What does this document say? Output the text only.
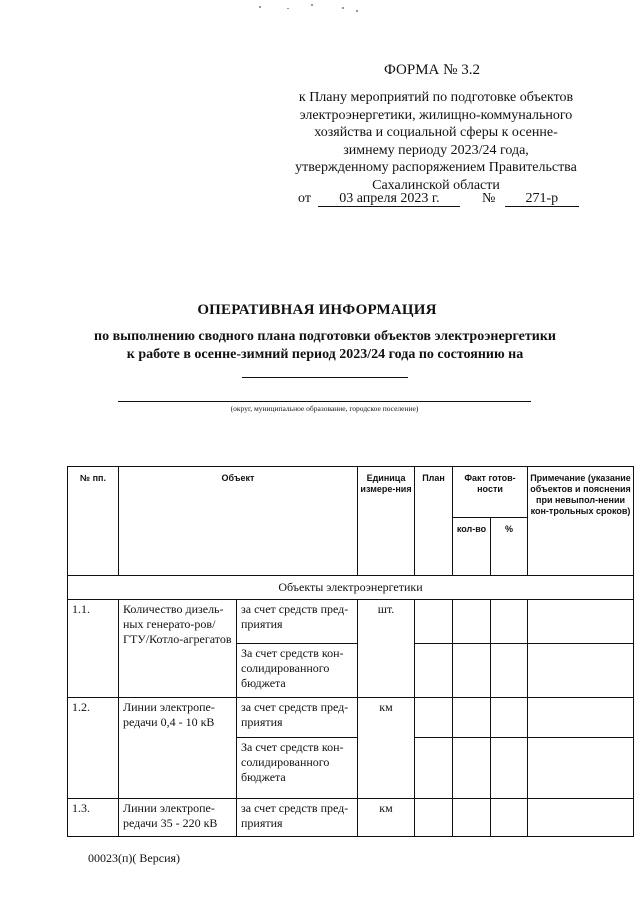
ФОРМА № 3.2
к Плану мероприятий по подготовке объектов
электроэнергетики, жилищно-коммунального
хозяйства и социальной сферы к осенне-
зимнему периоду 2023/24 года,
утвержденному распоряжением Правительства
Сахалинской области
от 03 апреля 2023 г.	№ 271-р
ОПЕРАТИВНАЯ ИНФОРМАЦИЯ
по выполнению сводного плана подготовки объектов электроэнергетики к работе в осенне-зимний период 2023/24 года по состоянию на
(округ, муниципальное образование, городское поселение)
№ пп.	Объект		Единица измере-ния	План	Факт готов-ности		Примечание (указание объектов и пояснения при невыпол-нении кон-трольных сроков)
					кол-во	%	
Объекты электроэнергетики							
1.1.	Количество дизель-ных генерато-ров/ГТУ/Котло-агрегатов	за счет средств пред-приятия	шт.				
		За счет средств кон-солидированного бюджета					
1.2.	Линии электропе-редачи 0,4 - 10 кВ	за счет средств пред-приятия	км				
		За счет средств кон-солидированного бюджета					
1.3.	Линии электропе-редачи 35 - 220 кВ	за счет средств пред-приятия	км				
00023(п)( Версия)
